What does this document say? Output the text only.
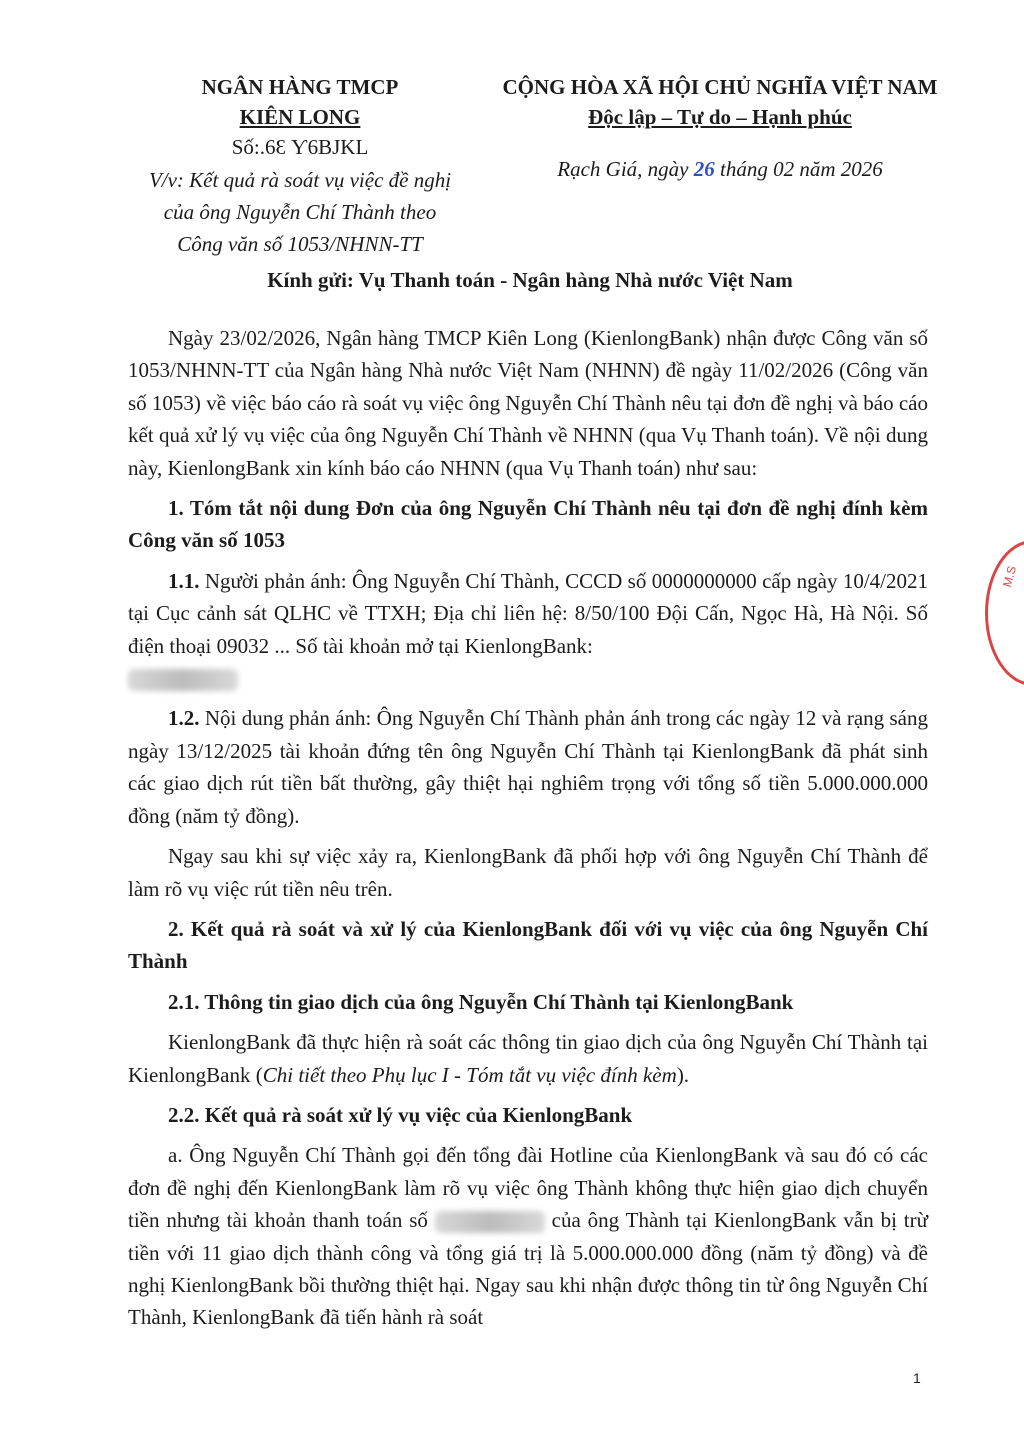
NGÂN HÀNG TMCP
KIÊN LONG
Số:.6Ɛ Ƴ6BJKL
V/v: Kết quả rà soát vụ việc đề nghị
của ông Nguyễn Chí Thành theo
Công văn số 1053/NHNN-TT
CỘNG HÒA XÃ HỘI CHỦ NGHĨA VIỆT NAM
Độc lập – Tự do – Hạnh phúc
Rạch Giá, ngày 26 tháng 02 năm 2026
Kính gửi: Vụ Thanh toán - Ngân hàng Nhà nước Việt Nam

Ngày 23/02/2026, Ngân hàng TMCP Kiên Long (KienlongBank) nhận được Công văn số 1053/NHNN-TT của Ngân hàng Nhà nước Việt Nam (NHNN) đề ngày 11/02/2026 (Công văn số 1053) về việc báo cáo rà soát vụ việc ông Nguyễn Chí Thành nêu tại đơn đề nghị và báo cáo kết quả xử lý vụ việc của ông Nguyễn Chí Thành về NHNN (qua Vụ Thanh toán). Về nội dung này, KienlongBank xin kính báo cáo NHNN (qua Vụ Thanh toán) như sau:

1. Tóm tắt nội dung Đơn của ông Nguyễn Chí Thành nêu tại đơn đề nghị đính kèm Công văn số 1053

1.1. Người phản ánh: Ông Nguyễn Chí Thành, CCCD số 0000000000 cấp ngày 10/4/2021 tại Cục cảnh sát QLHC về TTXH; Địa chỉ liên hệ: 8/50/100 Đội Cấn, Ngọc Hà, Hà Nội. Số điện thoại 09032 ... Số tài khoản mở tại KienlongBank:

1.2. Nội dung phản ánh: Ông Nguyễn Chí Thành phản ánh trong các ngày 12 và rạng sáng ngày 13/12/2025 tài khoản đứng tên ông Nguyễn Chí Thành tại KienlongBank đã phát sinh các giao dịch rút tiền bất thường, gây thiệt hại nghiêm trọng với tổng số tiền 5.000.000.000 đồng (năm tỷ đồng).

Ngay sau khi sự việc xảy ra, KienlongBank đã phối hợp với ông Nguyễn Chí Thành để làm rõ vụ việc rút tiền nêu trên.

2. Kết quả rà soát và xử lý của KienlongBank đối với vụ việc của ông Nguyễn Chí Thành

2.1. Thông tin giao dịch của ông Nguyễn Chí Thành tại KienlongBank

KienlongBank đã thực hiện rà soát các thông tin giao dịch của ông Nguyễn Chí Thành tại KienlongBank (Chi tiết theo Phụ lục I - Tóm tắt vụ việc đính kèm).

2.2. Kết quả rà soát xử lý vụ việc của KienlongBank

a. Ông Nguyễn Chí Thành gọi đến tổng đài Hotline của KienlongBank và sau đó có các đơn đề nghị đến KienlongBank làm rõ vụ việc ông Thành không thực hiện giao dịch chuyển tiền nhưng tài khoản thanh toán số	của ông Thành tại KienlongBank vẫn bị trừ tiền với 11 giao dịch thành công và tổng giá trị là 5.000.000.000 đồng (năm tỷ đồng) và đề nghị KienlongBank bồi thường thiệt hại. Ngay sau khi nhận được thông tin từ ông Nguyễn Chí Thành, KienlongBank đã tiến hành rà soát

M.S
1
